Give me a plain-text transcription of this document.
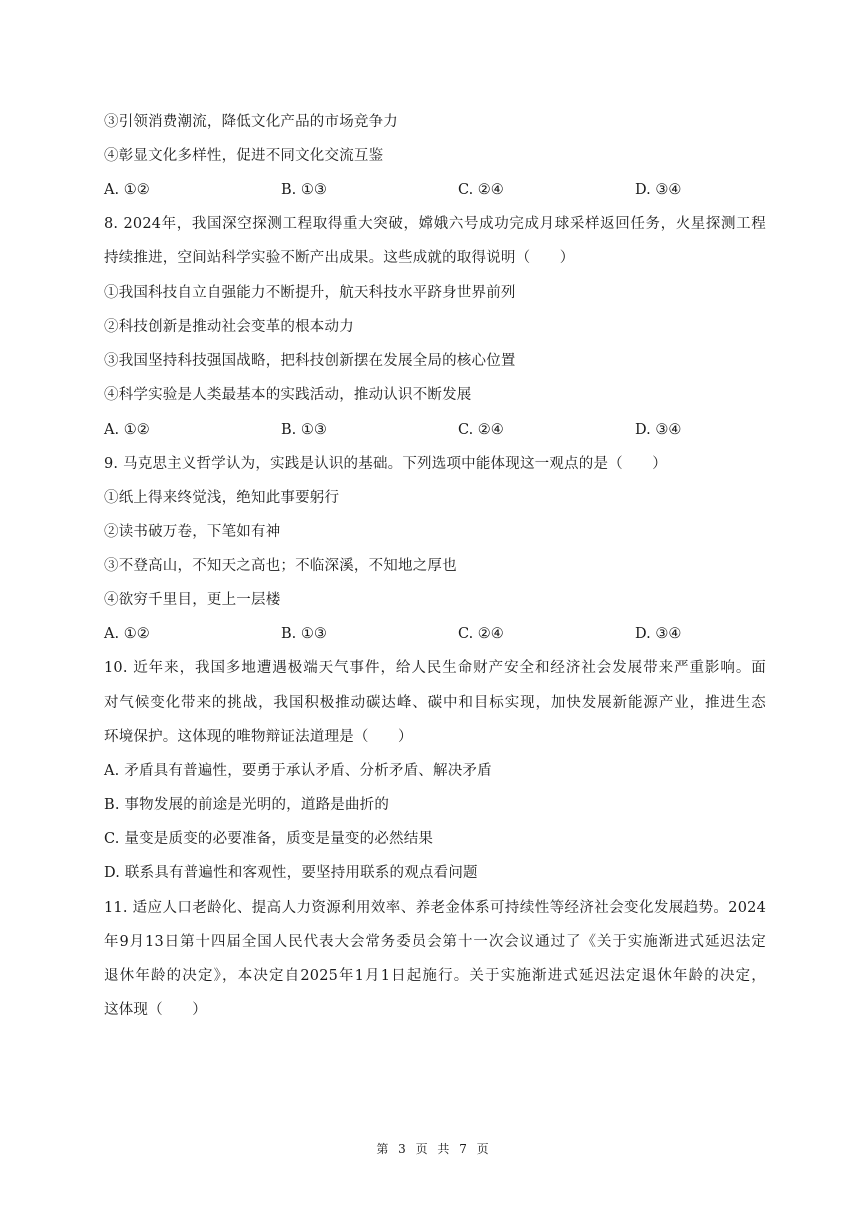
③引领消费潮流，降低文化产品的市场竞争力
④彰显文化多样性，促进不同文化交流互鉴
A. ①②	B. ①③	C. ②④	D. ③④
8. 2024年，我国深空探测工程取得重大突破，嫦娥六号成功完成月球采样返回任务，火星探测工程
持续推进，空间站科学实验不断产出成果。这些成就的取得说明（　　）
①我国科技自立自强能力不断提升，航天科技水平跻身世界前列
②科技创新是推动社会变革的根本动力
③我国坚持科技强国战略，把科技创新摆在发展全局的核心位置
④科学实验是人类最基本的实践活动，推动认识不断发展
A. ①②	B. ①③	C. ②④	D. ③④
9. 马克思主义哲学认为，实践是认识的基础。下列选项中能体现这一观点的是（　　）
①纸上得来终觉浅，绝知此事要躬行
②读书破万卷，下笔如有神
③不登高山，不知天之高也；不临深溪，不知地之厚也
④欲穷千里目，更上一层楼
A. ①②	B. ①③	C. ②④	D. ③④
10. 近年来，我国多地遭遇极端天气事件，给人民生命财产安全和经济社会发展带来严重影响。面
对气候变化带来的挑战，我国积极推动碳达峰、碳中和目标实现，加快发展新能源产业，推进生态
环境保护。这体现的唯物辩证法道理是（　　）
A. 矛盾具有普遍性，要勇于承认矛盾、分析矛盾、解决矛盾
B. 事物发展的前途是光明的，道路是曲折的
C. 量变是质变的必要准备，质变是量变的必然结果
D. 联系具有普遍性和客观性，要坚持用联系的观点看问题
11. 适应人口老龄化、提高人力资源利用效率、养老金体系可持续性等经济社会变化发展趋势。2024
年9月13日第十四届全国人民代表大会常务委员会第十一次会议通过了《关于实施渐进式延迟法定
退休年龄的决定》，本决定自2025年1月1日起施行。关于实施渐进式延迟法定退休年龄的决定，
这体现（　　）
第 3 页 共 7 页
